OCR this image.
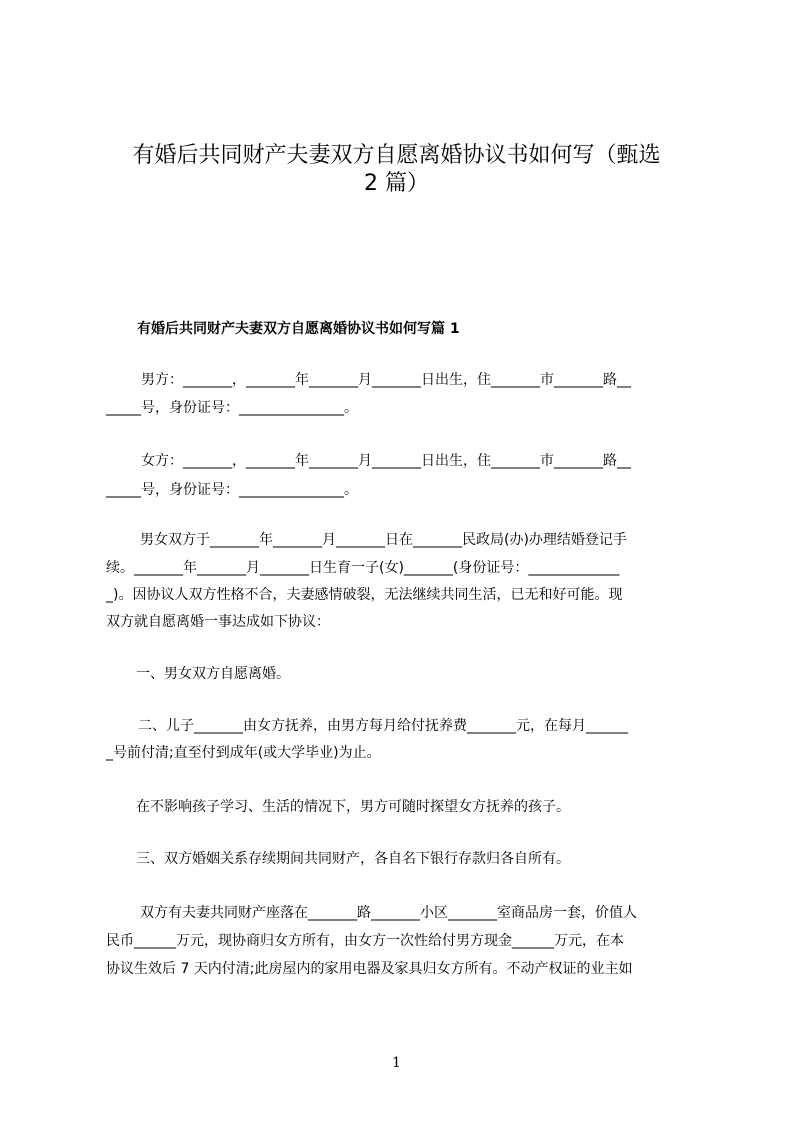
有婚后共同财产夫妻双方自愿离婚协议书如何写（甄选
2 篇）
有婚后共同财产夫妻双方自愿离婚协议书如何写篇 1

男方：_______，_______年_______月_______日出生，住_______市_______路__

_____号，身份证号：_______________。

女方：_______，_______年_______月_______日出生，住_______市_______路__

_____号，身份证号：_______________。

男女双方于_______年_______月_______日在_______民政局(办)办理结婚登记手

续。_______年_______月_______日生育一子(女)_______(身份证号：_____________

_)。因协议人双方性格不合，夫妻感情破裂，无法继续共同生活，已无和好可能。现

双方就自愿离婚一事达成如下协议：

一、男女双方自愿离婚。

二、儿子_______由女方抚养，由男方每月给付抚养费_______元，在每月______

_号前付清;直至付到成年(或大学毕业)为止。

在不影响孩子学习、生活的情况下，男方可随时探望女方抚养的孩子。

三、双方婚姻关系存续期间共同财产，各自名下银行存款归各自所有。

双方有夫妻共同财产座落在_______路_______小区_______室商品房一套，价值人

民币______万元，现协商归女方所有，由女方一次性给付男方现金______万元，在本

协议生效后 7 天内付清;此房屋内的家用电器及家具归女方所有。不动产权证的业主如

1
